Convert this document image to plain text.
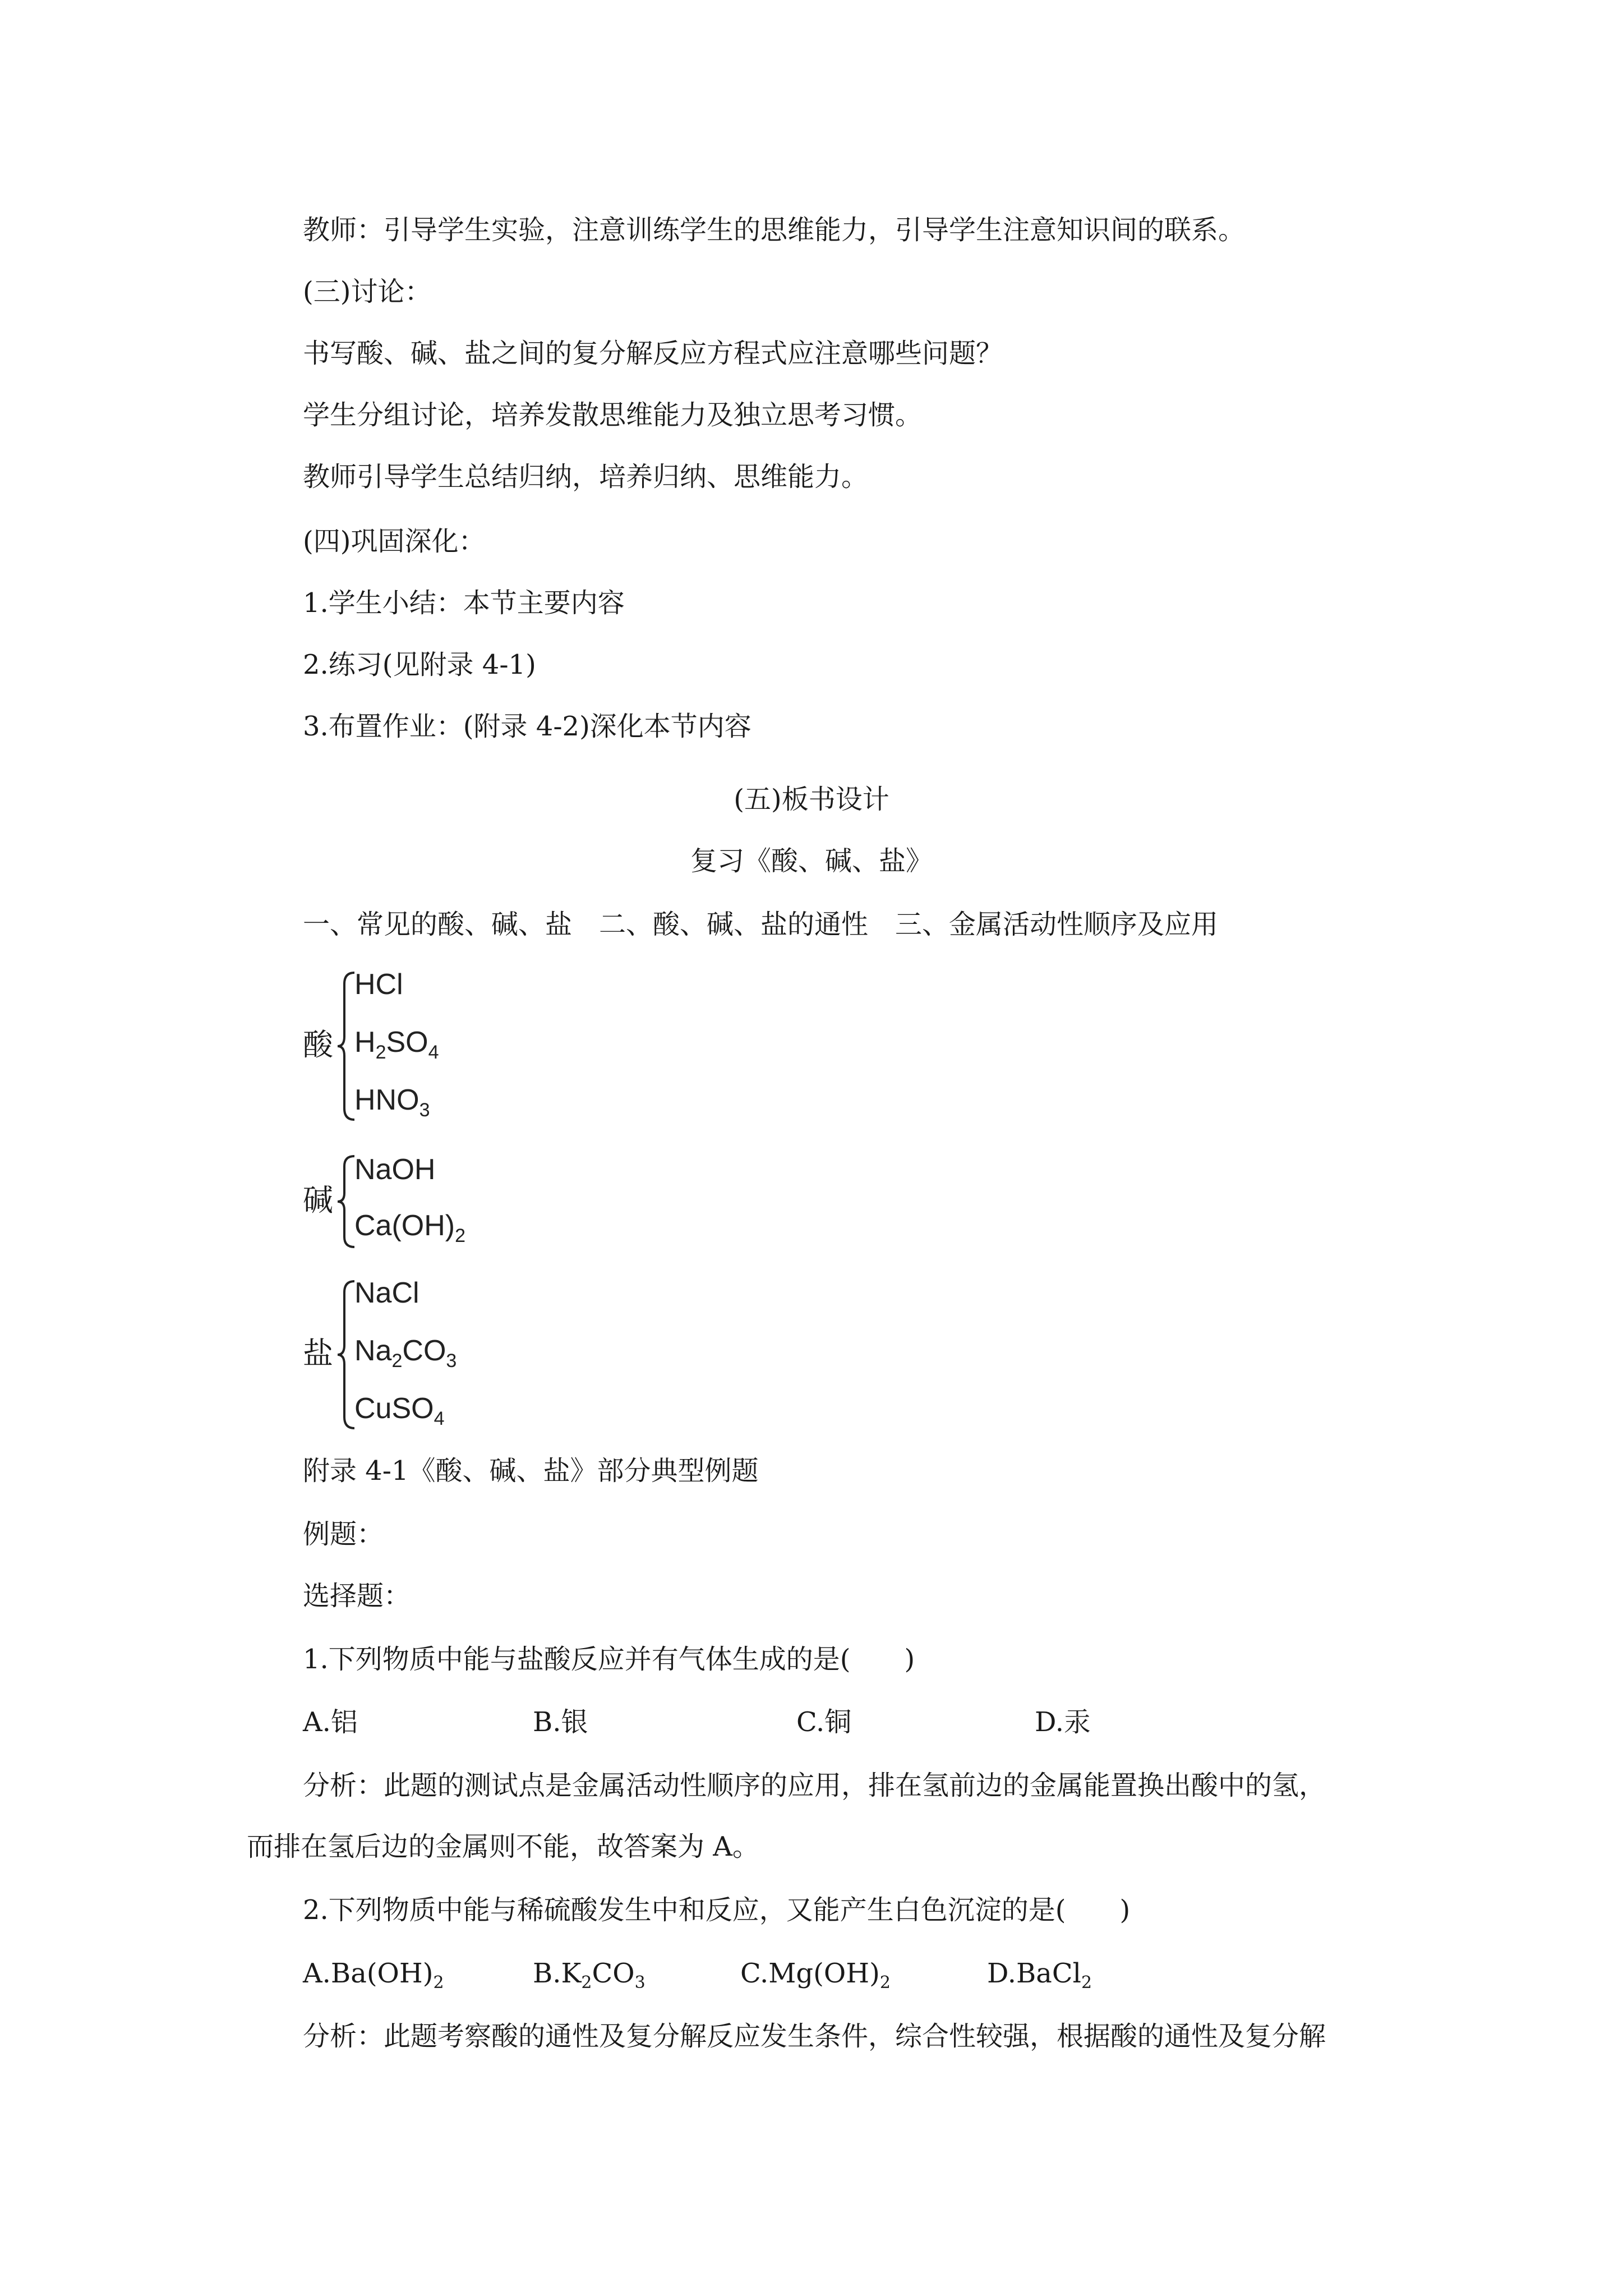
教师：引导学生实验，注意训练学生的思维能力，引导学生注意知识间的联系。
(三)讨论：
书写酸、碱、盐之间的复分解反应方程式应注意哪些问题？
学生分组讨论，培养发散思维能力及独立思考习惯。
教师引导学生总结归纳，培养归纳、思维能力。
(四)巩固深化：
1.学生小结：本节主要内容
2.练习(见附录 4-1)
3.布置作业：(附录 4-2)深化本节内容
(五)板书设计
复习《酸、碱、盐》
一、常见的酸、碱、盐　二、酸、碱、盐的通性　三、金属活动性顺序及应用
酸
HCl
$H_2SO_4$
$HNO_3$
碱
NaOH
$Ca(OH)_2$
盐
NaCl
$Na_2CO_3$
CuSO$_4$
附录 4-1《酸、碱、盐》部分典型例题
例题：
选择题：
1.下列物质中能与盐酸反应并有气体生成的是(　　)
A.铝	B.银	C.铜	D.汞
分析：此题的测试点是金属活动性顺序的应用，排在氢前边的金属能置换出酸中的氢，
而排在氢后边的金属则不能，故答案为 A。
2.下列物质中能与稀硫酸发生中和反应，又能产生白色沉淀的是(　　)
$A.Ba(OH)_2$	$B.K_2CO_3$	$C.Mg(OH)_2$	D.BaCl$_2$
分析：此题考察酸的通性及复分解反应发生条件，综合性较强，根据酸的通性及复分解
